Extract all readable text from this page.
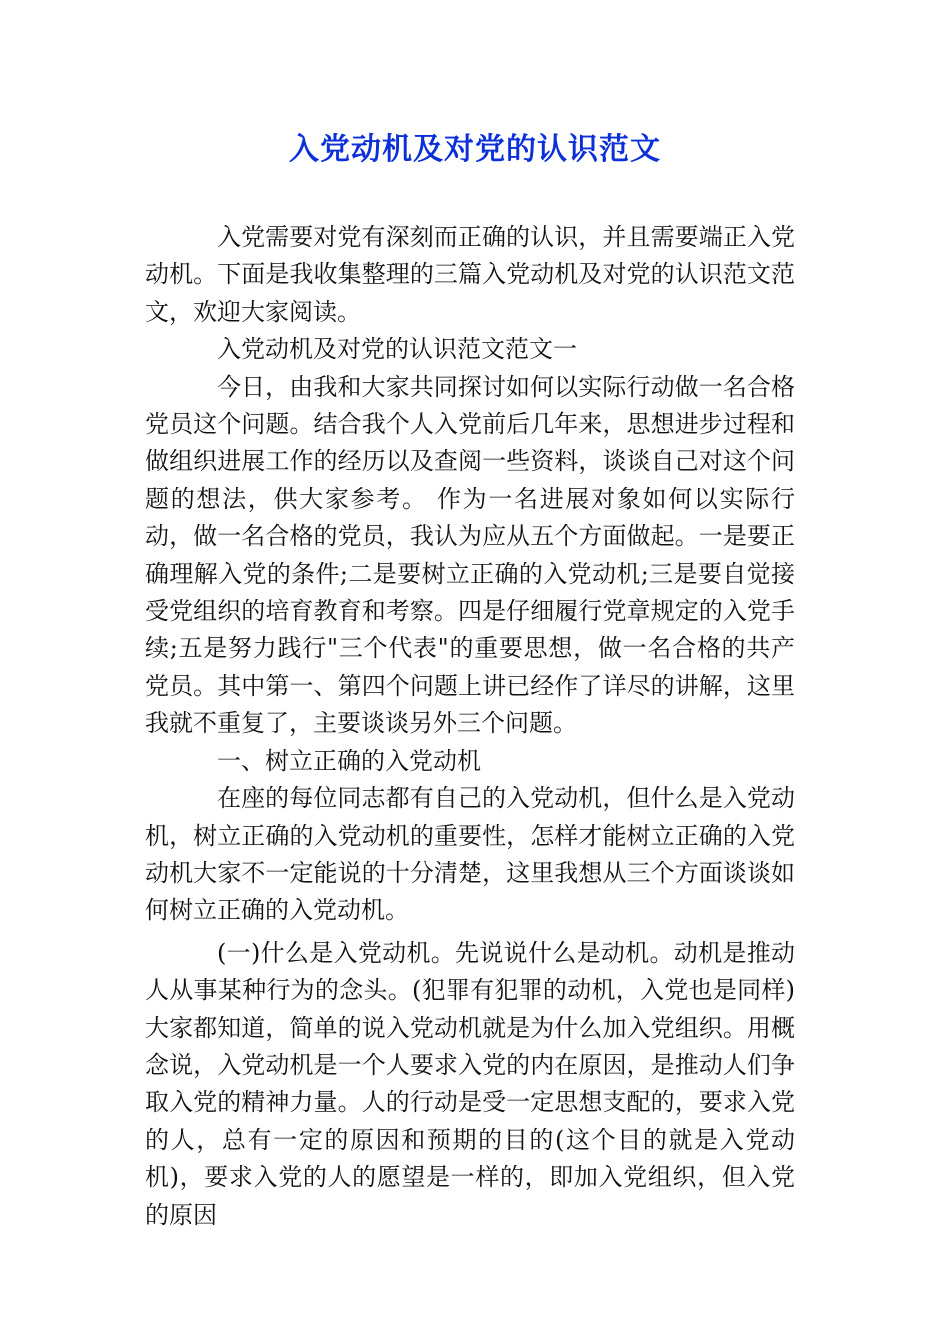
入党动机及对党的认识范文

入党需要对党有深刻而正确的认识，并且需要端正入党动机。下面是我收集整理的三篇入党动机及对党的认识范文范文，欢迎大家阅读。

入党动机及对党的认识范文范文一

今日，由我和大家共同探讨如何以实际行动做一名合格党员这个问题。结合我个人入党前后几年来，思想进步过程和做组织进展工作的经历以及查阅一些资料，谈谈自己对这个问题的想法，供大家参考。 作为一名进展对象如何以实际行动，做一名合格的党员，我认为应从五个方面做起。一是要正确理解入党的条件;二是要树立正确的入党动机;三是要自觉接受党组织的培育教育和考察。四是仔细履行党章规定的入党手续;五是努力践行"三个代表"的重要思想，做一名合格的共产党员。其中第一、第四个问题上讲已经作了详尽的讲解，这里我就不重复了，主要谈谈另外三个问题。

一、树立正确的入党动机

在座的每位同志都有自己的入党动机，但什么是入党动机，树立正确的入党动机的重要性，怎样才能树立正确的入党动机大家不一定能说的十分清楚，这里我想从三个方面谈谈如何树立正确的入党动机。

(一)什么是入党动机。先说说什么是动机。动机是推动人从事某种行为的念头。(犯罪有犯罪的动机，入党也是同样)大家都知道，简单的说入党动机就是为什么加入党组织。用概念说，入党动机是一个人要求入党的内在原因，是推动人们争取入党的精神力量。人的行动是受一定思想支配的，要求入党的人，总有一定的原因和预期的目的(这个目的就是入党动机)，要求入党的人的愿望是一样的，即加入党组织，但入党的原因
